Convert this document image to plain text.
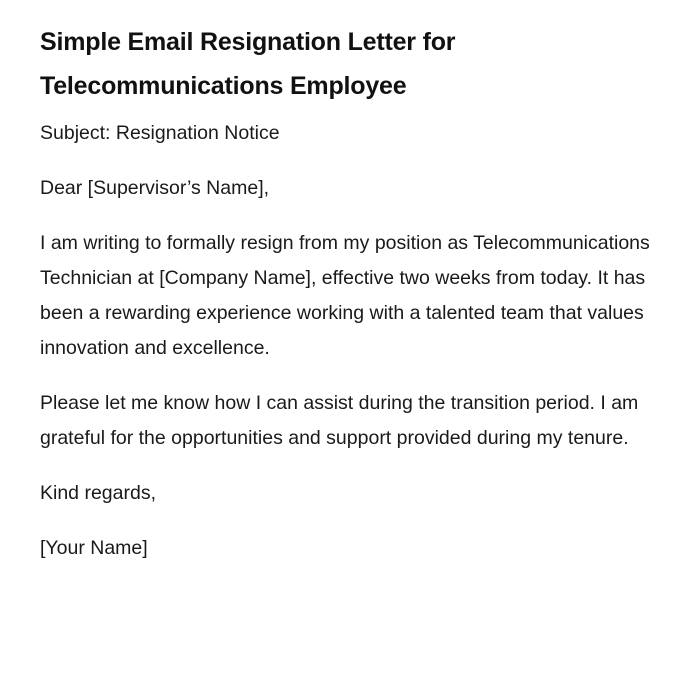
Simple Email Resignation Letter for Telecommunications Employee

Subject: Resignation Notice

Dear [Supervisor’s Name],

I am writing to formally resign from my position as Telecommunications Technician at [Company Name], effective two weeks from today. It has been a rewarding experience working with a talented team that values innovation and excellence.

Please let me know how I can assist during the transition period. I am grateful for the opportunities and support provided during my tenure.

Kind regards,

[Your Name]
